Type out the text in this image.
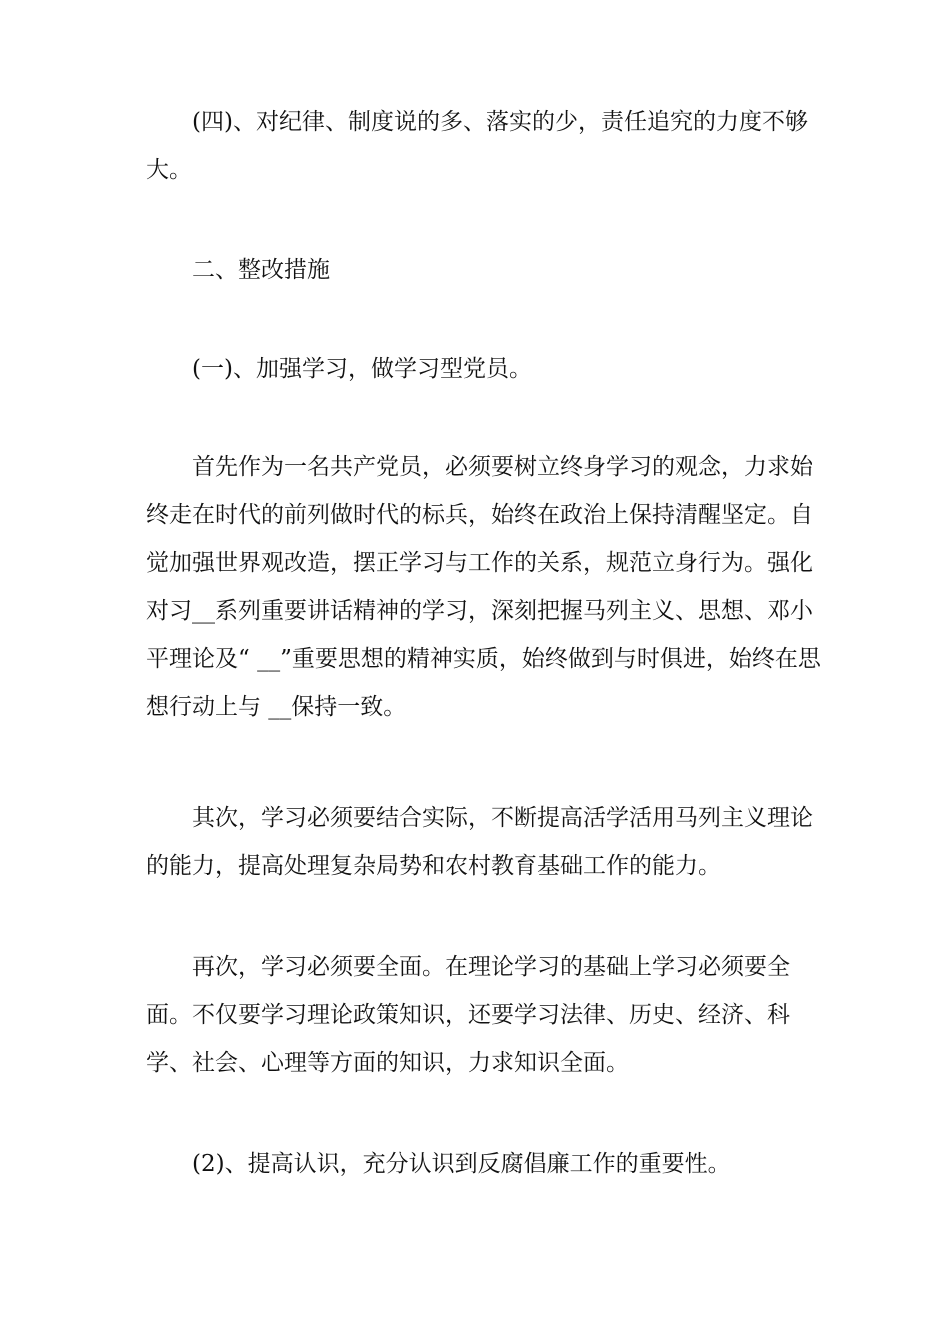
(四)、对纪律、制度说的多、落实的少，责任追究的力度不够大。

二、整改措施

(一)、加强学习，做学习型党员。

首先作为一名共产党员，必须要树立终身学习的观念，力求始终走在时代的前列做时代的标兵，始终在政治上保持清醒坚定。自觉加强世界观改造，摆正学习与工作的关系，规范立身行为。强化对习__系列重要讲话精神的学习，深刻把握马列主义、思想、邓小平理论及“ __”重要思想的精神实质，始终做到与时俱进，始终在思想行动上与 __保持一致。

其次，学习必须要结合实际，不断提高活学活用马列主义理论的能力，提高处理复杂局势和农村教育基础工作的能力。

再次，学习必须要全面。在理论学习的基础上学习必须要全面。不仅要学习理论政策知识，还要学习法律、历史、经济、科学、社会、心理等方面的知识，力求知识全面。

(2)、提高认识，充分认识到反腐倡廉工作的重要性。
